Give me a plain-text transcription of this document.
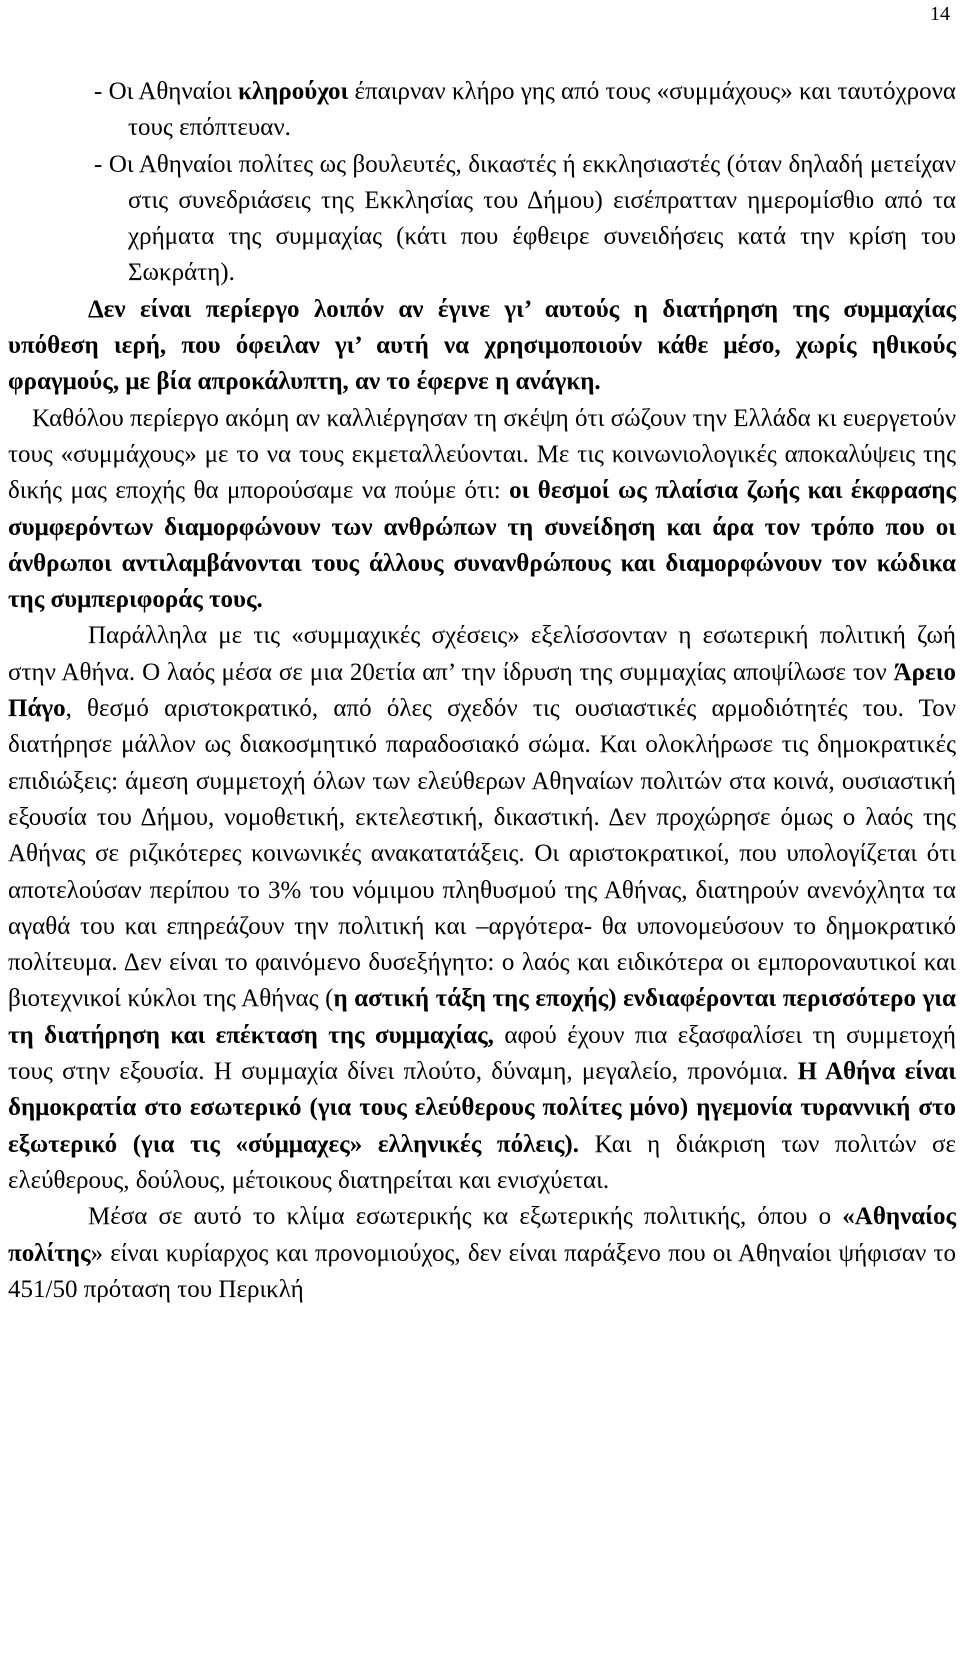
14

- Οι Αθηναίοι κληρούχοι έπαιρναν κλήρο γης από τους «συμμάχους» και ταυτόχρονα τους επόπτευαν.

- Οι Αθηναίοι πολίτες ως βουλευτές, δικαστές ή εκκλησιαστές (όταν δηλαδή μετείχαν στις συνεδριάσεις της Εκκλησίας του Δήμου) εισέπρατταν ημερομίσθιο από τα χρήματα της συμμαχίας (κάτι που έφθειρε συνειδήσεις κατά την κρίση του Σωκράτη).

Δεν είναι περίεργο λοιπόν αν έγινε γι’ αυτούς η διατήρηση της συμμαχίας υπόθεση ιερή, που όφειλαν γι’ αυτή να χρησιμοποιούν κάθε μέσο, χωρίς ηθικούς φραγμούς, με βία απροκάλυπτη, αν το έφερνε η ανάγκη.

Καθόλου περίεργο ακόμη αν καλλιέργησαν τη σκέψη ότι σώζουν την Ελλάδα κι ευεργετούν τους «συμμάχους» με το να τους εκμεταλλεύονται. Με τις κοινωνιολογικές αποκαλύψεις της δικής μας εποχής θα μπορούσαμε να πούμε ότι: οι θεσμοί ως πλαίσια ζωής και έκφρασης συμφερόντων διαμορφώνουν των ανθρώπων τη συνείδηση και άρα τον τρόπο που οι άνθρωποι αντιλαμβάνονται τους άλλους συνανθρώπους και διαμορφώνουν τον κώδικα της συμπεριφοράς τους.

Παράλληλα με τις «συμμαχικές σχέσεις» εξελίσσονταν η εσωτερική πολιτική ζωή στην Αθήνα. Ο λαός μέσα σε μια 20ετία απ’ την ίδρυση της συμμαχίας αποψίλωσε τον Άρειο Πάγο, θεσμό αριστοκρατικό, από όλες σχεδόν τις ουσιαστικές αρμοδιότητές του. Τον διατήρησε μάλλον ως διακοσμητικό παραδοσιακό σώμα. Και ολοκλήρωσε τις δημοκρατικές επιδιώξεις: άμεση συμμετοχή όλων των ελεύθερων Αθηναίων πολιτών στα κοινά, ουσιαστική εξουσία του Δήμου, νομοθετική, εκτελεστική, δικαστική. Δεν προχώρησε όμως ο λαός της Αθήνας σε ριζικότερες κοινωνικές ανακατατάξεις. Οι αριστοκρατικοί, που υπολογίζεται ότι αποτελούσαν περίπου το 3% του νόμιμου πληθυσμού της Αθήνας, διατηρούν ανενόχλητα τα αγαθά του και επηρεάζουν την πολιτική και –αργότερα- θα υπονομεύσουν το δημοκρατικό πολίτευμα. Δεν είναι το φαινόμενο δυσεξήγητο: ο λαός και ειδικότερα οι εμποροναυτικοί και βιοτεχνικοί κύκλοι της Αθήνας (η αστική τάξη της εποχής) ενδιαφέρονται περισσότερο για τη διατήρηση και επέκταση της συμμαχίας, αφού έχουν πια εξασφαλίσει τη συμμετοχή τους στην εξουσία. Η συμμαχία δίνει πλούτο, δύναμη, μεγαλείο, προνόμια. Η Αθήνα είναι δημοκρατία στο εσωτερικό (για τους ελεύθερους πολίτες μόνο) ηγεμονία τυραννική στο εξωτερικό (για τις «σύμμαχες» ελληνικές πόλεις). Και η διάκριση των πολιτών σε ελεύθερους, δούλους, μέτοικους διατηρείται και ενισχύεται.

Μέσα σε αυτό το κλίμα εσωτερικής κα εξωτερικής πολιτικής, όπου ο «Αθηναίος πολίτης» είναι κυρίαρχος και προνομιούχος, δεν είναι παράξενο που οι Αθηναίοι ψήφισαν το 451/50 πρόταση του Περικλή
